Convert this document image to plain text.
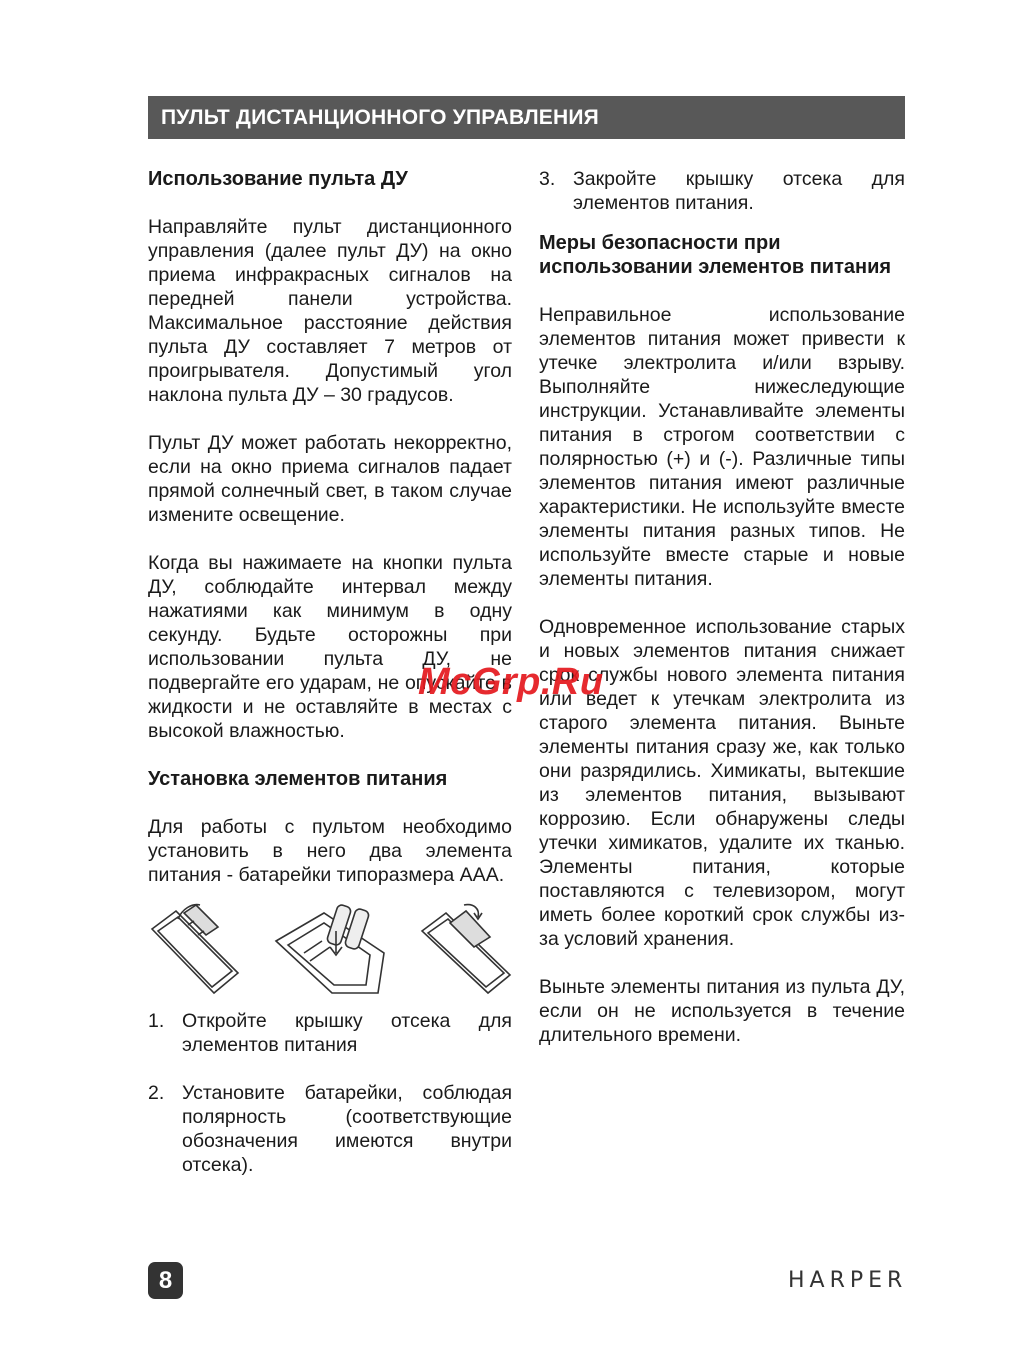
ПУЛЬТ ДИСТАНЦИОННОГО УПРАВЛЕНИЯ
Использование пульта ДУ

Направляйте пульт дистанционного управления (далее пульт ДУ) на окно приема инфракрасных сигналов на передней панели устройства. Максимальное расстояние действия пульта ДУ составляет 7 метров от проигрывателя. Допустимый угол наклона пульта ДУ – 30 градусов.

Пульт ДУ может работать некорректно, если на окно приема сигналов падает прямой солнечный свет, в таком случае измените освещение.

Когда вы нажимаете на кнопки пульта ДУ, соблюдайте интервал между нажатиями как минимум в одну секунду. Будьте осторожны при использовании пульта ДУ, не подвергайте его ударам, не опускайте в жидкости и не оставляйте в местах с высокой влажностью.

Установка элементов питания

Для работы с пультом необходимо установить в него два элемента питания - батарейки типоразмера ААА.

1. Откройте крышку отсека для элементов питания
2. Установите батарейки, соблюдая полярность (соответствующие обозначения имеются внутри отсека).
3. Закройте крышку отсека для элементов питания.
Меры безопасности при использовании элементов питания

Неправильное использование элементов питания может привести к утечке электролита и/или взрыву. Выполняйте нижеследующие инструкции. Устанавливайте элементы питания в строгом соответствии с полярностью (+) и (-). Различные типы элементов питания имеют различные характеристики. Не используйте вместе элементы питания разных типов. Не используйте вместе старые и новые элементы питания.

Одновременное использование старых и новых элементов питания снижает срок службы нового элемента питания или ведет к утечкам электролита из старого элемента питания. Выньте элементы питания сразу же, как только они разрядились. Химикаты, вытекшие из элементов питания, вызывают коррозию. Если обнаружены следы утечки химикатов, удалите их тканью. Элементы питания, которые поставляются с телевизором, могут иметь более короткий срок службы из-за условий хранения.

Выньте элементы питания из пульта ДУ, если он не используется в течение длительного времени.

McGrp.Ru
8	HARPER
